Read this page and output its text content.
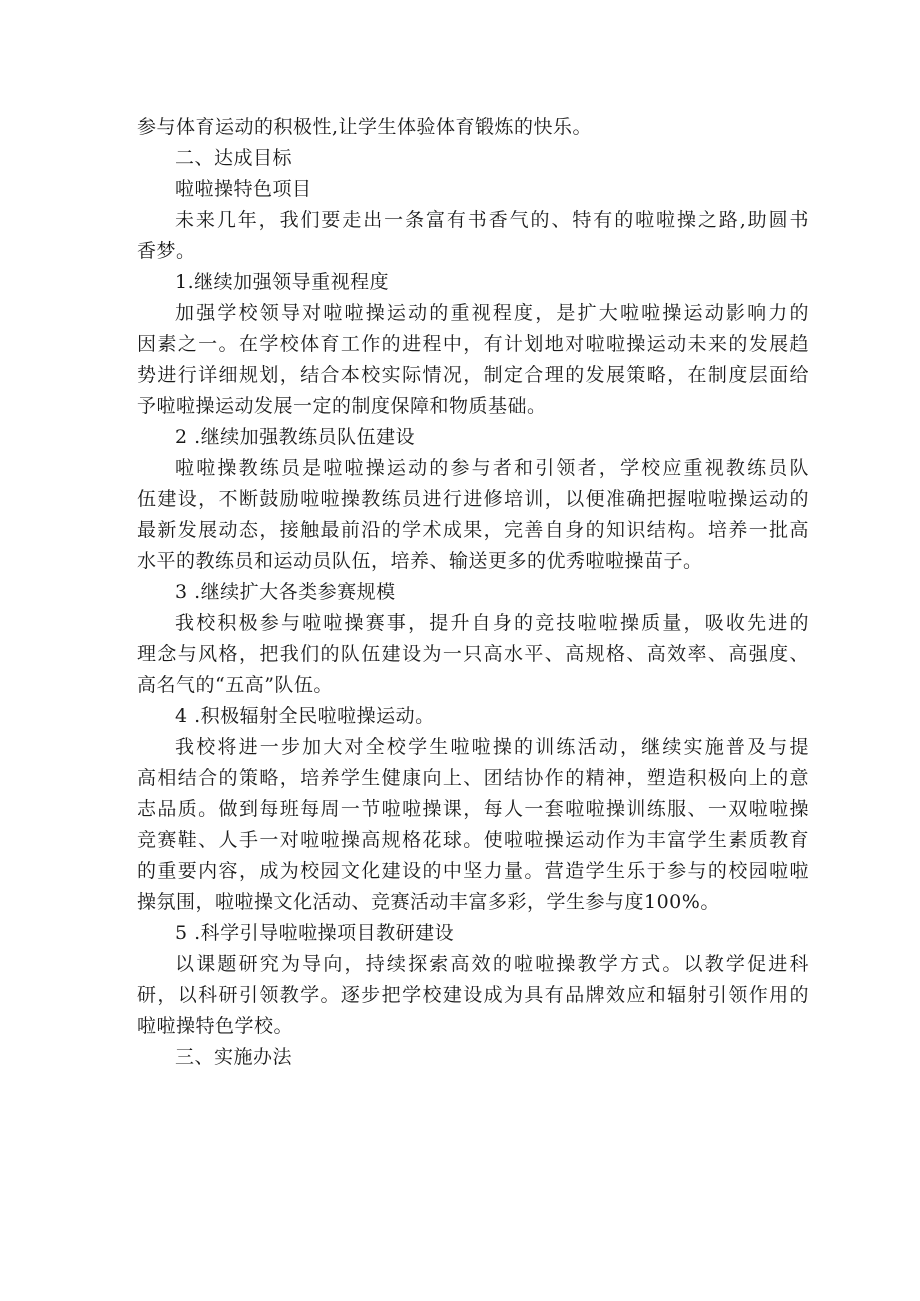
参与体育运动的积极性,让学生体验体育锻炼的快乐。

二、达成目标

啦啦操特色项目

未来几年，我们要走出一条富有书香气的、特有的啦啦操之路,助圆书

香梦。

1.继续加强领导重视程度

加强学校领导对啦啦操运动的重视程度，是扩大啦啦操运动影响力的

因素之一。在学校体育工作的进程中，有计划地对啦啦操运动未来的发展趋

势进行详细规划，结合本校实际情况，制定合理的发展策略，在制度层面给

予啦啦操运动发展一定的制度保障和物质基础。

2 .继续加强教练员队伍建设

啦啦操教练员是啦啦操运动的参与者和引领者，学校应重视教练员队

伍建设，不断鼓励啦啦操教练员进行进修培训，以便准确把握啦啦操运动的

最新发展动态，接触最前沿的学术成果，完善自身的知识结构。培养一批高

水平的教练员和运动员队伍，培养、输送更多的优秀啦啦操苗子。

3 .继续扩大各类参赛规模

我校积极参与啦啦操赛事，提升自身的竞技啦啦操质量，吸收先进的

理念与风格，把我们的队伍建设为一只高水平、高规格、高效率、高强度、

高名气的“五高”队伍。

4 .积极辐射全民啦啦操运动。

我校将进一步加大对全校学生啦啦操的训练活动，继续实施普及与提

高相结合的策略，培养学生健康向上、团结协作的精神，塑造积极向上的意

志品质。做到每班每周一节啦啦操课，每人一套啦啦操训练服、一双啦啦操

竞赛鞋、人手一对啦啦操高规格花球。使啦啦操运动作为丰富学生素质教育

的重要内容，成为校园文化建设的中坚力量。营造学生乐于参与的校园啦啦

操氛围，啦啦操文化活动、竞赛活动丰富多彩，学生参与度100%。

5 .科学引导啦啦操项目教研建设

以课题研究为导向，持续探索高效的啦啦操教学方式。以教学促进科

研，以科研引领教学。逐步把学校建设成为具有品牌效应和辐射引领作用的

啦啦操特色学校。

三、实施办法
